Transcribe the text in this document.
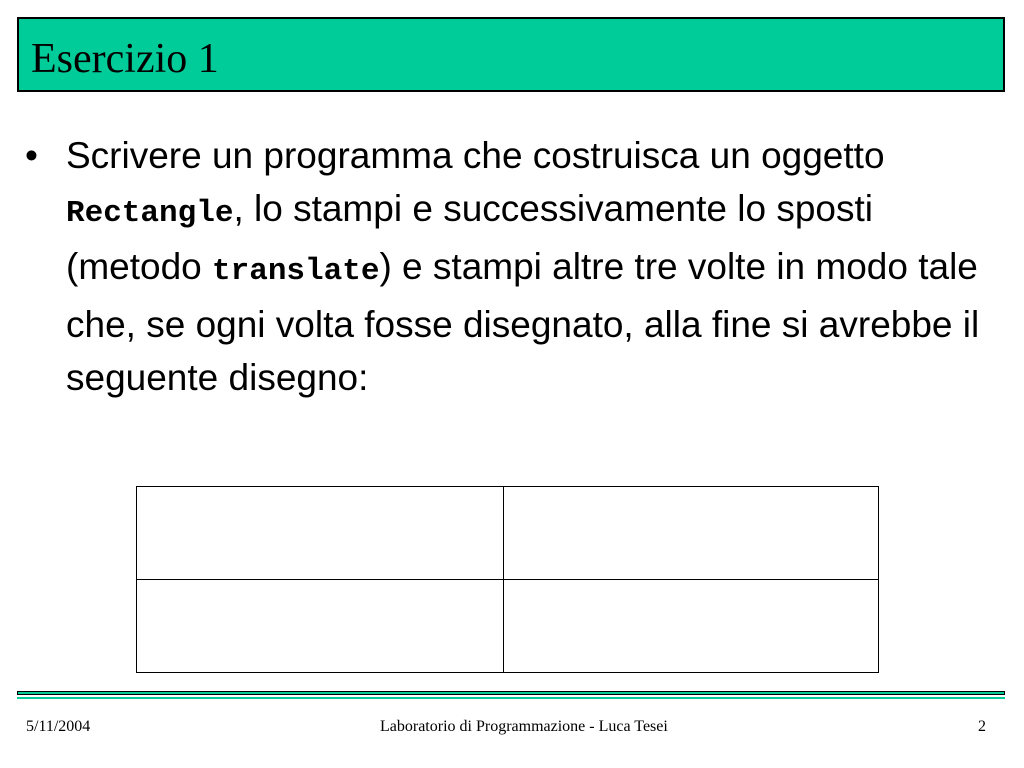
Esercizio 1
• Scrivere un programma che costruisca un oggetto Rectangle, lo stampi e successivamente lo sposti (metodo translate) e stampi altre tre volte in modo tale che, se ogni volta fosse disegnato, alla fine si avrebbe il seguente disegno:
5/11/2004	Laboratorio di Programmazione - Luca Tesei	2
